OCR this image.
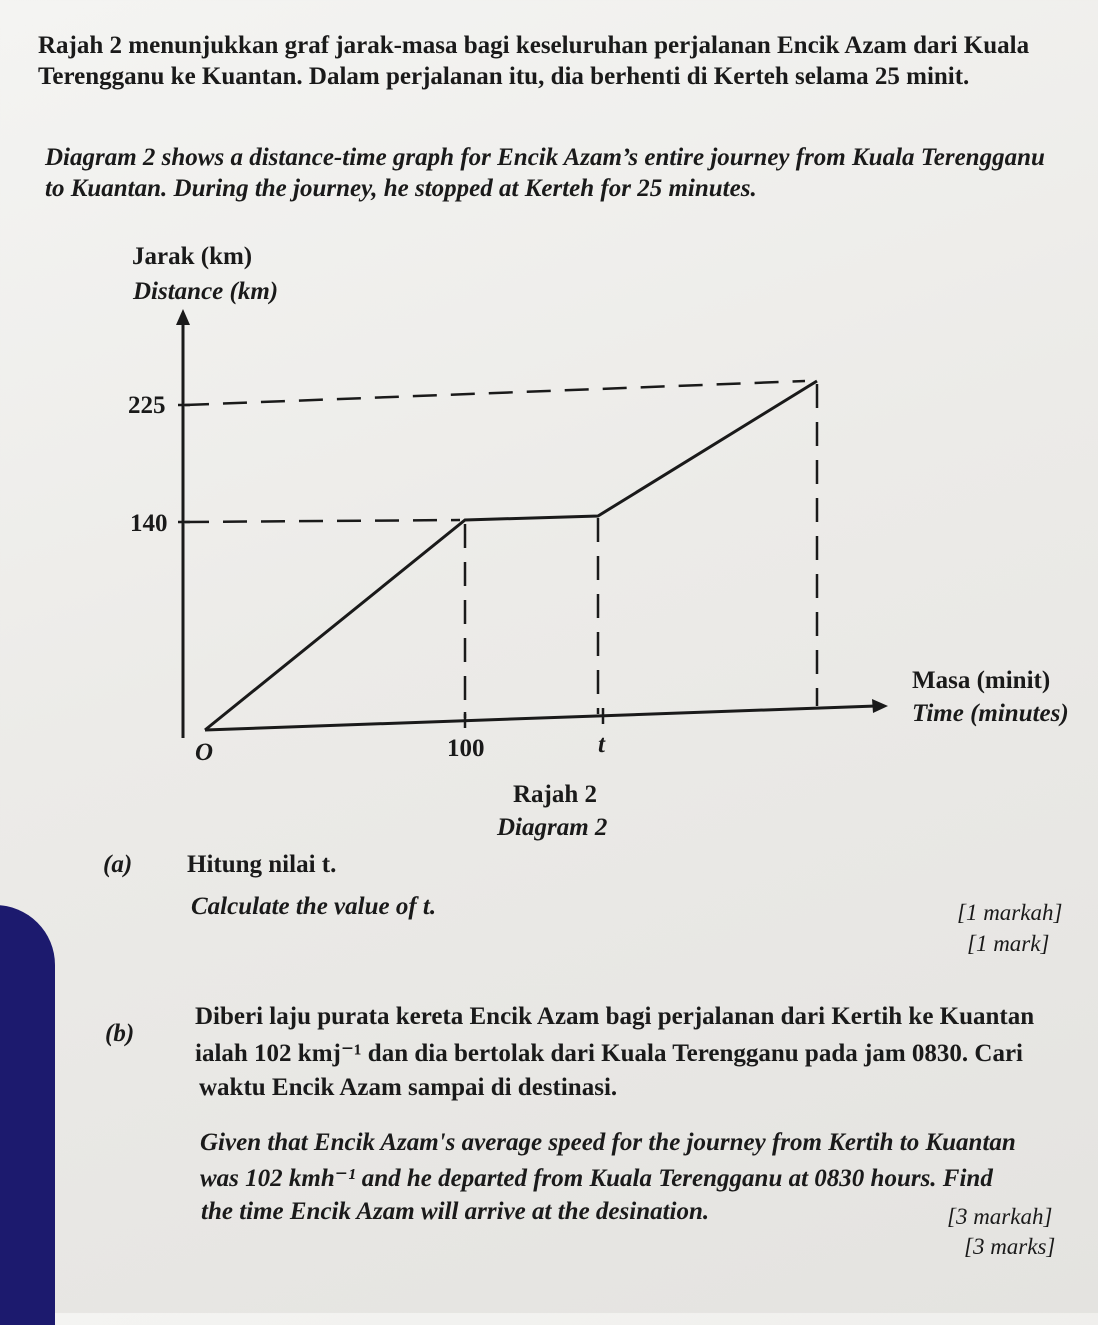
Rajah 2 menunjukkan graf jarak-masa bagi keseluruhan perjalanan Encik Azam dari Kuala Terengganu ke Kuantan. Dalam perjalanan itu, dia berhenti di Kerteh selama 25 minit.
Diagram 2 shows a distance-time graph for Encik Azam’s entire journey from Kuala Terengganu to Kuantan. During the journey, he stopped at Kerteh for 25 minutes.
Jarak (km)
Distance (km)
Masa (minit)
Time (minutes)
225
140
100	t
O
Rajah 2
Diagram 2
(a) Hitung nilai t.
Calculate the value of t.	[1 markah]
[1 mark]
(b)
Diberi laju purata kereta Encik Azam bagi perjalanan dari Kertih ke Kuantan
ialah 102 kmj⁻¹ dan dia bertolak dari Kuala Terengganu pada jam 0830. Cari
waktu Encik Azam sampai di destinasi.
Given that Encik Azam's average speed for the journey from Kertih to Kuantan
was 102 kmh⁻¹ and he departed from Kuala Terengganu at 0830 hours. Find
the time Encik Azam will arrive at the desination.	[3 markah]
[3 marks]
